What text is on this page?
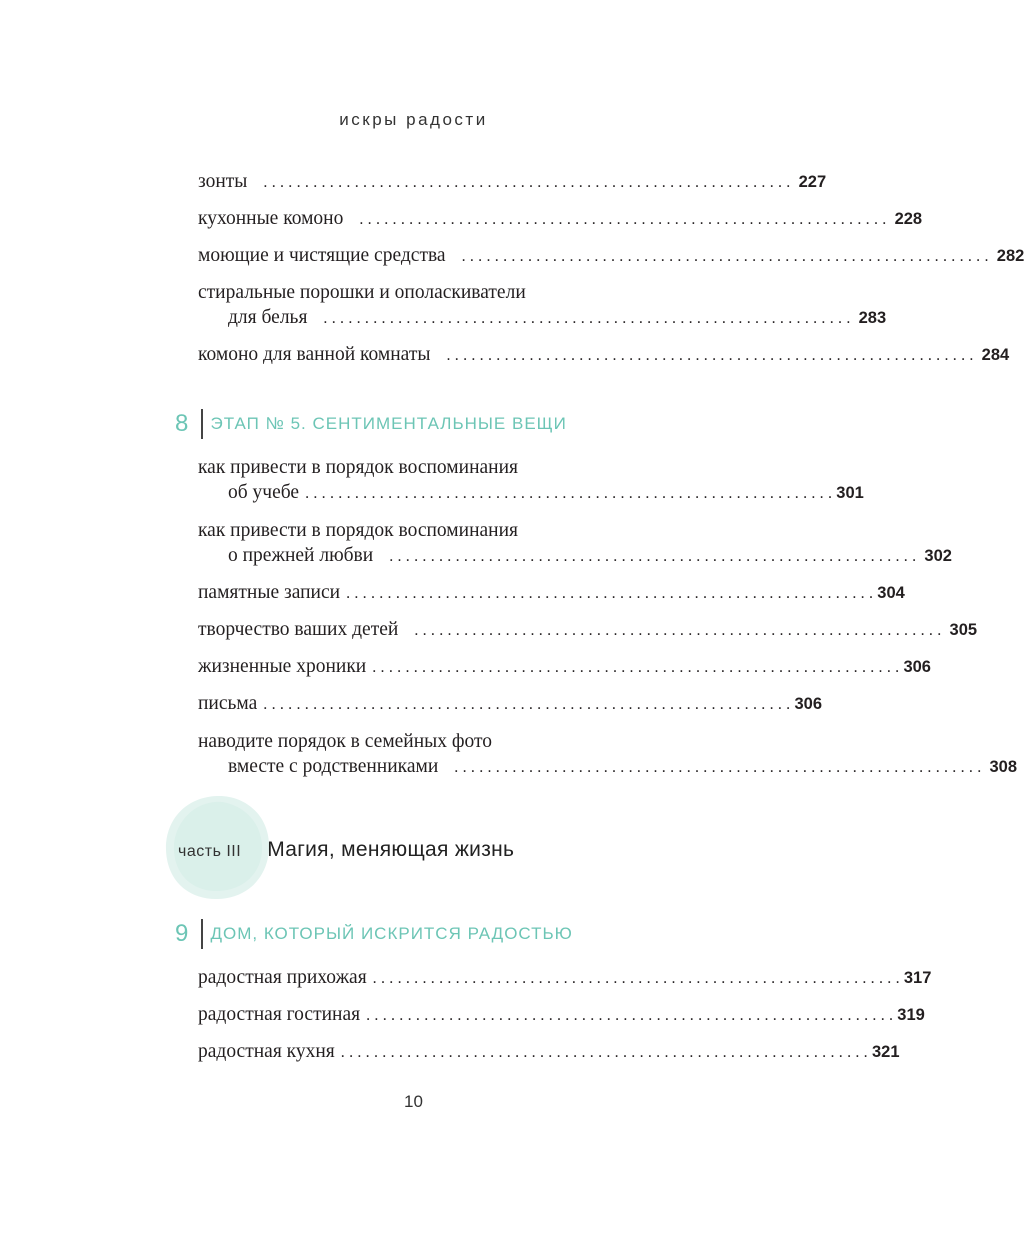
искры радости
зонты ................................................................ 227
кухонные комоно ................................................................ 228
моющие и чистящие средства ................................................................ 282
стиральные порошки и ополаскиватели
для белья ................................................................ 283
комоно для ванной комнаты ................................................................ 284
8	ЭТАП № 5. СЕНТИМЕНТАЛЬНЫЕ ВЕЩИ
как привести в порядок воспоминания
об учебе ................................................................ 301
как привести в порядок воспоминания
о прежней любви ................................................................ 302
памятные записи ................................................................ 304
творчество ваших детей ................................................................ 305
жизненные хроники ................................................................ 306
письма ................................................................ 306
наводите порядок в семейных фото
вместе с родственниками ................................................................ 308
часть III Магия, меняющая жизнь
9	ДОМ, КОТОРЫЙ ИСКРИТСЯ РАДОСТЬЮ
радостная прихожая ................................................................ 317
радостная гостиная ................................................................ 319
радостная кухня ................................................................ 321
10
